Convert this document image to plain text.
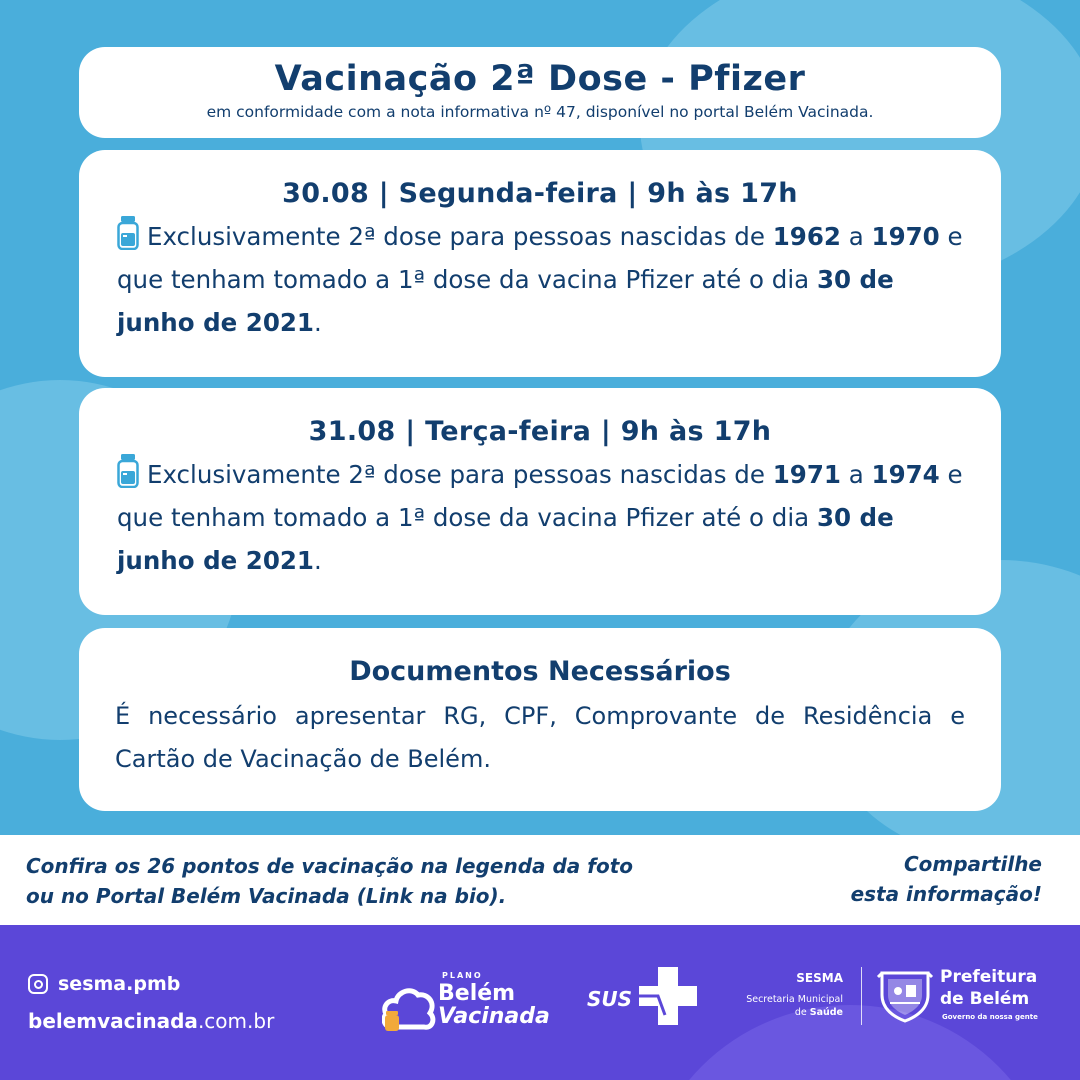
Vacinação 2ª Dose - Pfizer
em conformidade com a nota informativa nº 47, disponível no portal Belém Vacinada.
30.08 | Segunda-feira | 9h às 17h
Exclusivamente 2ª dose para pessoas nascidas de 1962 a 1970 e que tenham tomado a 1ª dose da vacina Pfizer até o dia 30 de junho de 2021.
31.08 | Terça-feira | 9h às 17h
Exclusivamente 2ª dose para pessoas nascidas de 1971 a 1974 e que tenham tomado a 1ª dose da vacina Pfizer até o dia 30 de junho de 2021.
Documentos Necessários
É necessário apresentar RG, CPF, Comprovante de Residência e Cartão de Vacinação de Belém.
Confira os 26 pontos de vacinação na legenda da foto
ou no Portal Belém Vacinada (Link na bio).
Compartilhe
esta informação!
sesma.pmb
belemvacinada.com.br
PLANO
Belém
Vacinada
SUS
SESMA
Secretaria Municipal
de Saúde
Prefeitura
de Belém
Governo da nossa gente
